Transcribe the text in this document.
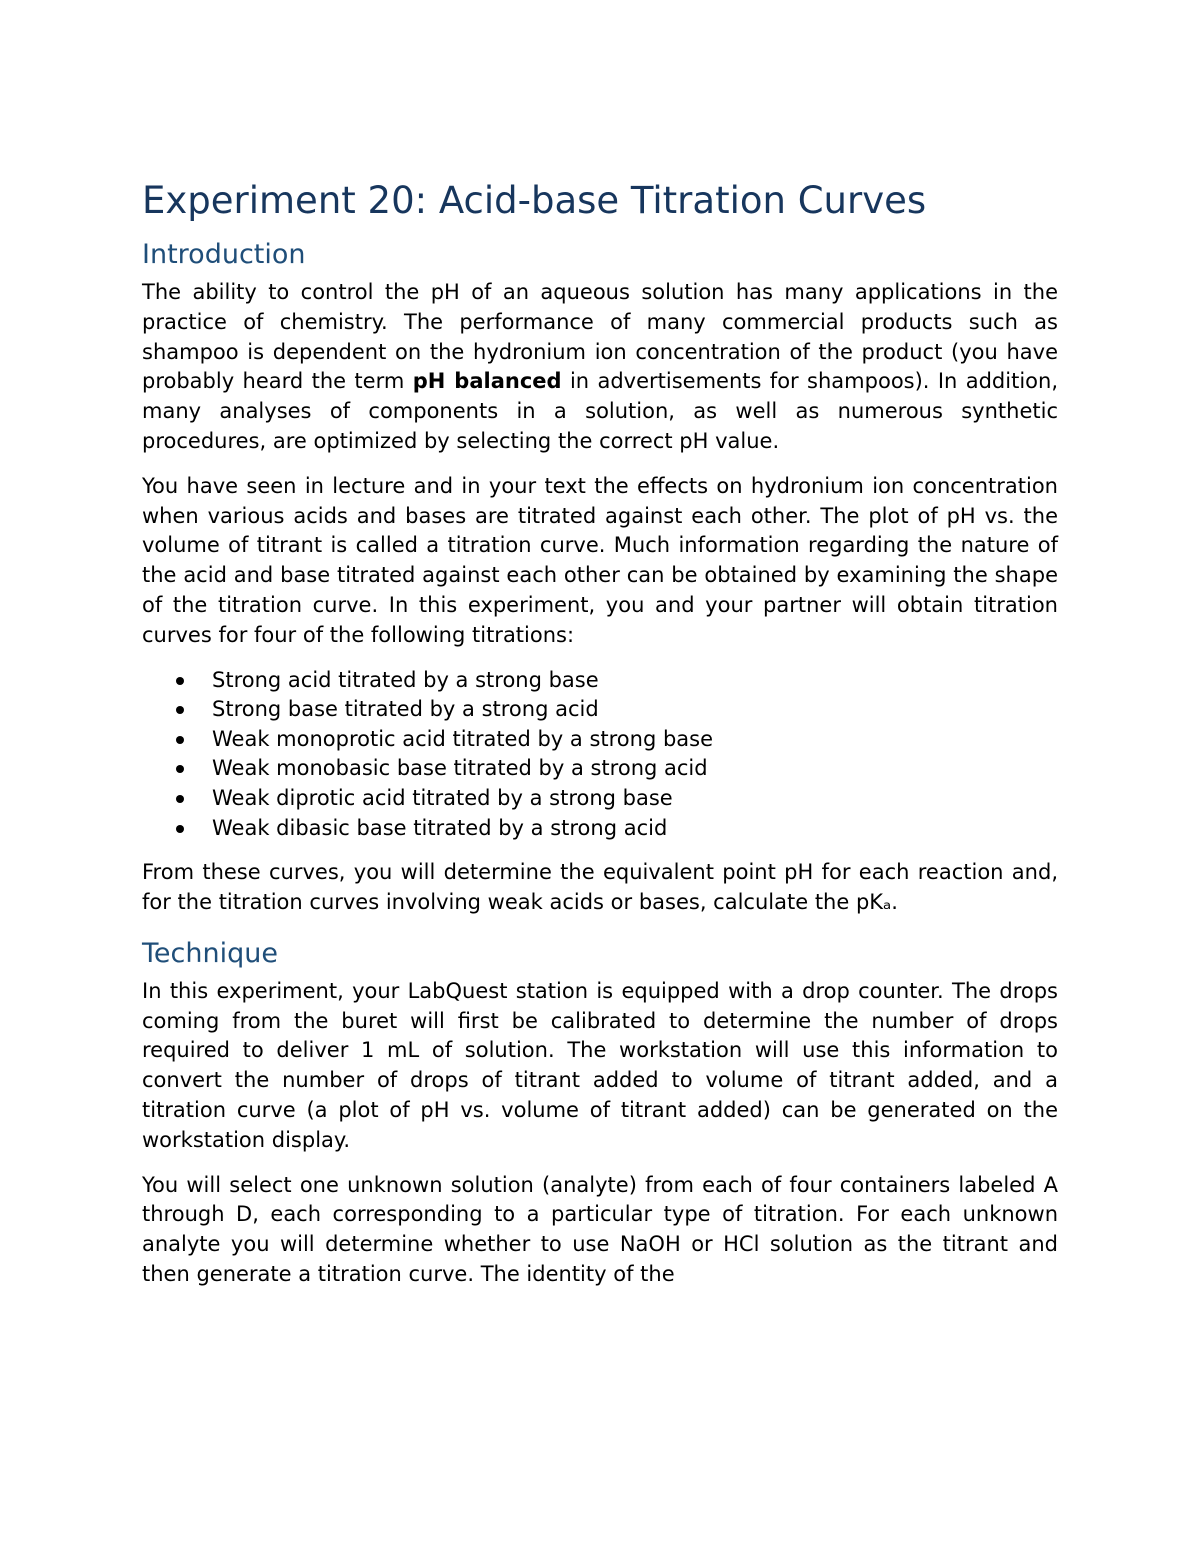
Experiment 20: Acid-base Titration Curves
Introduction

The ability to control the pH of an aqueous solution has many applications in the practice of chemistry. The performance of many commercial products such as shampoo is dependent on the hydronium ion concentration of the product (you have probably heard the term pH balanced in advertisements for shampoos). In addition, many analyses of components in a solution, as well as numerous synthetic procedures, are optimized by selecting the correct pH value.

You have seen in lecture and in your text the effects on hydronium ion concentration when various acids and bases are titrated against each other. The plot of pH vs. the volume of titrant is called a titration curve. Much information regarding the nature of the acid and base titrated against each other can be obtained by examining the shape of the titration curve. In this experiment, you and your partner will obtain titration curves for four of the following titrations:

Strong acid titrated by a strong base
Strong base titrated by a strong acid
Weak monoprotic acid titrated by a strong base
Weak monobasic base titrated by a strong acid
Weak diprotic acid titrated by a strong base
Weak dibasic base titrated by a strong acid

From these curves, you will determine the equivalent point pH for each reaction and, for the titration curves involving weak acids or bases, calculate the pKₐ.

Technique

In this experiment, your LabQuest station is equipped with a drop counter. The drops coming from the buret will first be calibrated to determine the number of drops required to deliver 1 mL of solution. The workstation will use this information to convert the number of drops of titrant added to volume of titrant added, and a titration curve (a plot of pH vs. volume of titrant added) can be generated on the workstation display.

You will select one unknown solution (analyte) from each of four containers labeled A through D, each corresponding to a particular type of titration. For each unknown analyte you will determine whether to use NaOH or HCl solution as the titrant and then generate a titration curve. The identity of the
